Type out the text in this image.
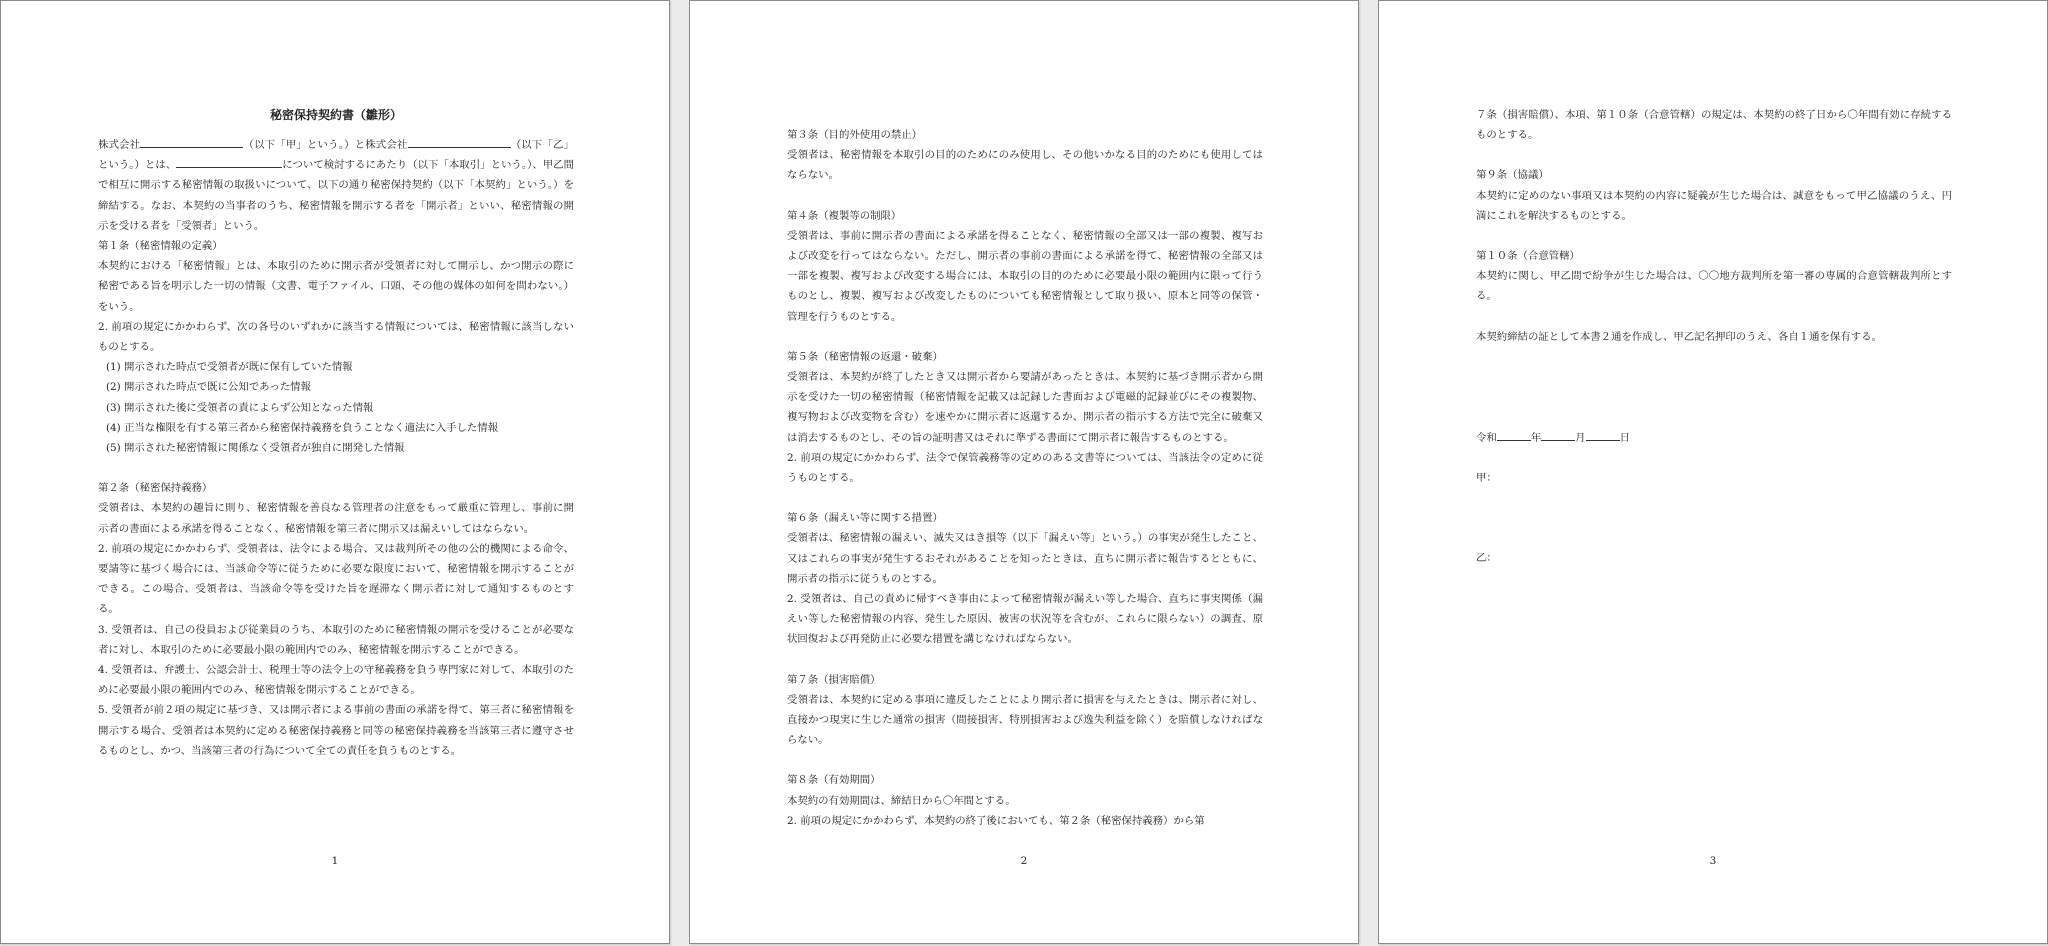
秘密保持契約書（雛形）

株式会社	（以下「甲」という。）と株式会社	（以下「乙」という。）とは、	について検討するにあたり（以下「本取引」という。）、甲乙間で相互に開示する秘密情報の取扱いについて、以下の通り秘密保持契約（以下「本契約」という。）を締結する。なお、本契約の当事者のうち、秘密情報を開示する者を「開示者」といい、秘密情報の開示を受ける者を「受領者」という。

第１条（秘密情報の定義）

本契約における「秘密情報」とは、本取引のために開示者が受領者に対して開示し、かつ開示の際に秘密である旨を明示した一切の情報（文書、電子ファイル、口頭、その他の媒体の如何を問わない。）をいう。

2. 前項の規定にかかわらず、次の各号のいずれかに該当する情報については、秘密情報に該当しないものとする。

(1) 開示された時点で受領者が既に保有していた情報

(2) 開示された時点で既に公知であった情報

(3) 開示された後に受領者の責によらず公知となった情報

(4) 正当な権限を有する第三者から秘密保持義務を負うことなく適法に入手した情報

(5) 開示された秘密情報に関係なく受領者が独自に開発した情報

第２条（秘密保持義務）

受領者は、本契約の趣旨に則り、秘密情報を善良なる管理者の注意をもって厳重に管理し、事前に開示者の書面による承諾を得ることなく、秘密情報を第三者に開示又は漏えいしてはならない。

2. 前項の規定にかかわらず、受領者は、法令による場合、又は裁判所その他の公的機関による命令、要請等に基づく場合には、当該命令等に従うために必要な限度において、秘密情報を開示することができる。この場合、受領者は、当該命令等を受けた旨を遅滞なく開示者に対して通知するものとする。

3. 受領者は、自己の役員および従業員のうち、本取引のために秘密情報の開示を受けることが必要な者に対し、本取引のために必要最小限の範囲内でのみ、秘密情報を開示することができる。

4. 受領者は、弁護士、公認会計士、税理士等の法令上の守秘義務を負う専門家に対して、本取引のために必要最小限の範囲内でのみ、秘密情報を開示することができる。

5. 受領者が前２項の規定に基づき、又は開示者による事前の書面の承諾を得て、第三者に秘密情報を開示する場合、受領者は本契約に定める秘密保持義務と同等の秘密保持義務を当該第三者に遵守させるものとし、かつ、当該第三者の行為について全ての責任を負うものとする。

1

第３条（目的外使用の禁止）

受領者は、秘密情報を本取引の目的のためにのみ使用し、その他いかなる目的のためにも使用してはならない。

第４条（複製等の制限）

受領者は、事前に開示者の書面による承諾を得ることなく、秘密情報の全部又は一部の複製、複写および改変を行ってはならない。ただし、開示者の事前の書面による承諾を得て、秘密情報の全部又は一部を複製、複写および改変する場合には、本取引の目的のために必要最小限の範囲内に限って行うものとし、複製、複写および改変したものについても秘密情報として取り扱い、原本と同等の保管・管理を行うものとする。

第５条（秘密情報の返還・破棄）

受領者は、本契約が終了したとき又は開示者から要請があったときは、本契約に基づき開示者から開示を受けた一切の秘密情報（秘密情報を記載又は記録した書面および電磁的記録並びにその複製物、複写物および改変物を含む）を速やかに開示者に返還するか、開示者の指示する方法で完全に破棄又は消去するものとし、その旨の証明書又はそれに準ずる書面にて開示者に報告するものとする。

2. 前項の規定にかかわらず、法令で保管義務等の定めのある文書等については、当該法令の定めに従うものとする。

第６条（漏えい等に関する措置）

受領者は、秘密情報の漏えい、滅失又はき損等（以下「漏えい等」という。）の事実が発生したこと、又はこれらの事実が発生するおそれがあることを知ったときは、直ちに開示者に報告するとともに、開示者の指示に従うものとする。

2. 受領者は、自己の責めに帰すべき事由によって秘密情報が漏えい等した場合、直ちに事実関係（漏えい等した秘密情報の内容、発生した原因、被害の状況等を含むが、これらに限らない）の調査、原状回復および再発防止に必要な措置を講じなければならない。

第７条（損害賠償）

受領者は、本契約に定める事項に違反したことにより開示者に損害を与えたときは、開示者に対し、直接かつ現実に生じた通常の損害（間接損害、特別損害および逸失利益を除く）を賠償しなければならない。

第８条（有効期間）

本契約の有効期間は、締結日から〇年間とする。

2. 前項の規定にかかわらず、本契約の終了後においても、第２条（秘密保持義務）から第

2

７条（損害賠償）、本項、第１０条（合意管轄）の規定は、本契約の終了日から〇年間有効に存続するものとする。

第９条（協議）

本契約に定めのない事項又は本契約の内容に疑義が生じた場合は、誠意をもって甲乙協議のうえ、円満にこれを解決するものとする。

第１０条（合意管轄）

本契約に関し、甲乙間で紛争が生じた場合は、〇〇地方裁判所を第一審の専属的合意管轄裁判所とする。

本契約締結の証として本書２通を作成し、甲乙記名押印のうえ、各自１通を保有する。

令和	年	月	日

甲：

乙：

3
